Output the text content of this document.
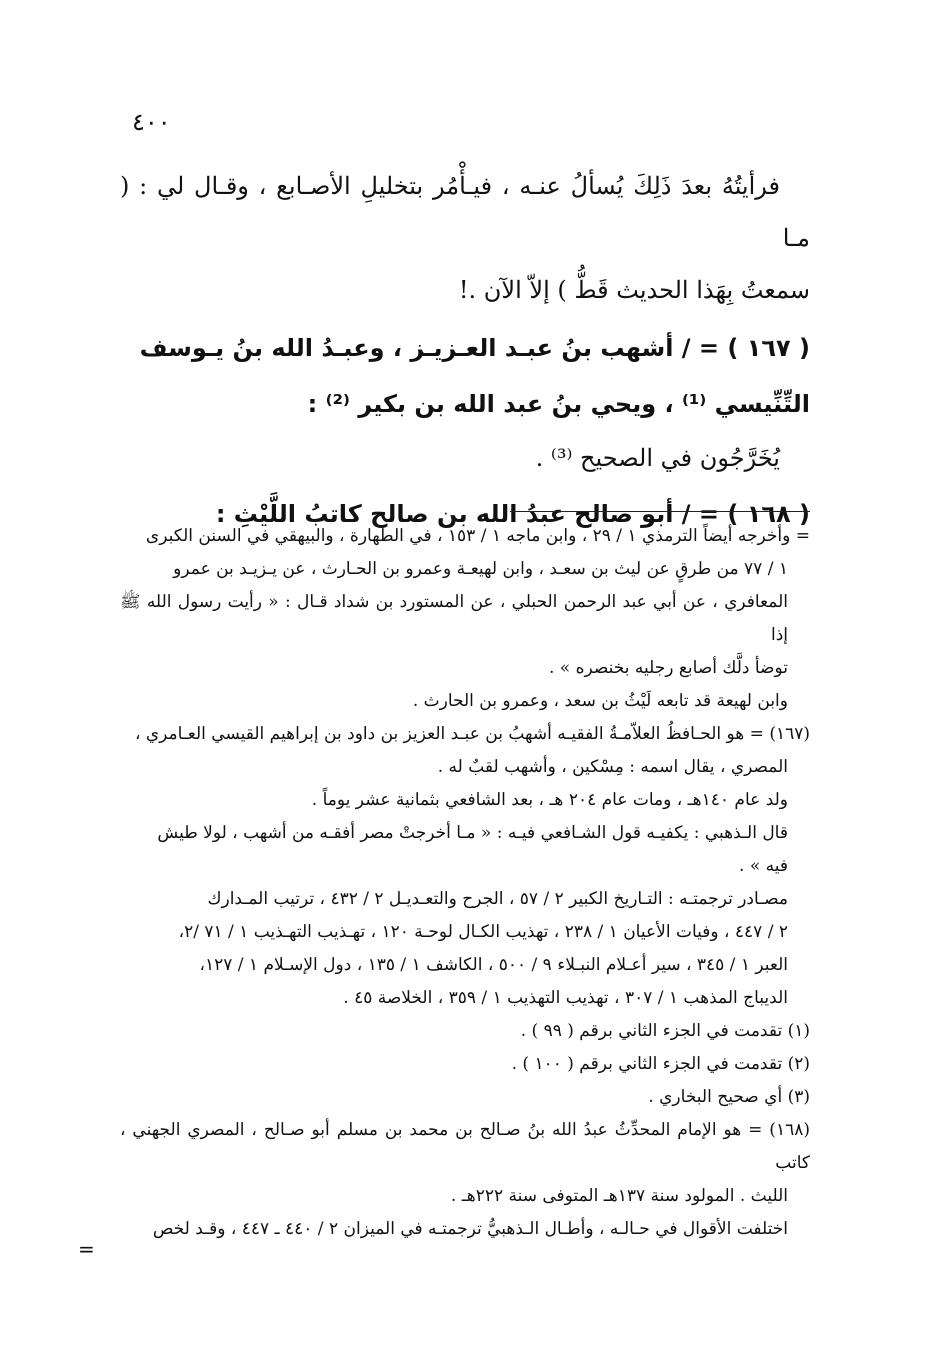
٤٠٠

فرأيتُهُ بعدَ ذَلِكَ يُسألُ عنـه ، فيـأْمُر بتخليلِ الأصـابع ، وقـال لي : ( مـا

سمعتُ بِهَذا الحديث قَطُّ ) إلاّ الآن .!

( ١٦٧ ) = / أشهب بنُ عبـد العـزيـز ، وعبـدُ الله بنُ يـوسف

التِّنِّيسي ⁽¹⁾ ، ويحي بنُ عبد الله بن بكير ⁽²⁾ :

يُخَرَّجُون في الصحيح ⁽³⁾ .

( ١٦٨ ) = / أبو صالح عبدُ الله بن صالح كاتبُ اللَّيْثِ :

= وأخرجه أيضاً الترمذي ١ / ٢٩ ، وابن ماجه ١ / ١٥٣ ، في الطهارة ، والبيهقي في السنن الكبرى

١ / ٧٧ من طرقٍ عن ليث بن سعـد ، وابن لهيعـة وعمرو بن الحـارث ، عن يـزيـد بن عمرو

المعافري ، عن أبي عبد الرحمن الحبلي ، عن المستورد بن شداد قـال : « رأيت رسول الله ﷺ إذا

توضأ دلَّك أصابع رجليه بخنصره » .

وابن لهيعة قد تابعه لَيْثُ بن سعد ، وعمرو بن الحارث .

(١٦٧) = هو الحـافظُ العلاّمـةُ الفقيـه أشهبُ بن عبـد العزيز بن داود بن إبراهيم القيسي العـامري ،

المصري ، يقال اسمه : مِسْكين ، وأشهب لقبٌ له .

ولد عام ١٤٠هـ ، ومات عام ٢٠٤ هـ ، بعد الشافعي بثمانية عشر يوماً .

قال الـذهبي : يكفيـه قول الشـافعي فيـه : « مـا أخرجتْ مصر أفقـه من أشهب ، لولا طيش

فيه » .

مصـادر ترجمتـه : التـاريخ الكبير ٢ / ٥٧ ، الجرح والتعـديـل ٢ / ٤٣٢ ، ترتيب المـدارك

٢ / ٤٤٧ ، وفيات الأعيان ١ / ٢٣٨ ، تهذيب الكـال لوحـة ١٢٠ ، تهـذيب التهـذيب ١ / ٧١ /٢،

العبر ١ / ٣٤٥ ، سير أعـلام النبـلاء ٩ / ٥٠٠ ، الكاشف ١ / ١٣٥ ، دول الإسـلام ١ / ١٢٧،

الديباج المذهب ١ / ٣٠٧ ، تهذيب التهذيب ١ / ٣٥٩ ، الخلاصة ٤٥ .

(١) تقدمت في الجزء الثاني برقم ( ٩٩ ) .

(٢) تقدمت في الجزء الثاني برقم ( ١٠٠ ) .

(٣) أي صحيح البخاري .

(١٦٨) = هو الإمام المحدِّثُ عبدُ الله بنُ صـالح بن محمد بن مسلم أبو صـالح ، المصري الجهني ، كاتب

الليث . المولود سنة ١٣٧هـ المتوفى سنة ٢٢٢هـ .

اختلفت الأقوال في حـالـه ، وأطـال الـذهبيُّ ترجمتـه في الميزان ٢ / ٤٤٠ ـ ٤٤٧ ، وقـد لخص

=
